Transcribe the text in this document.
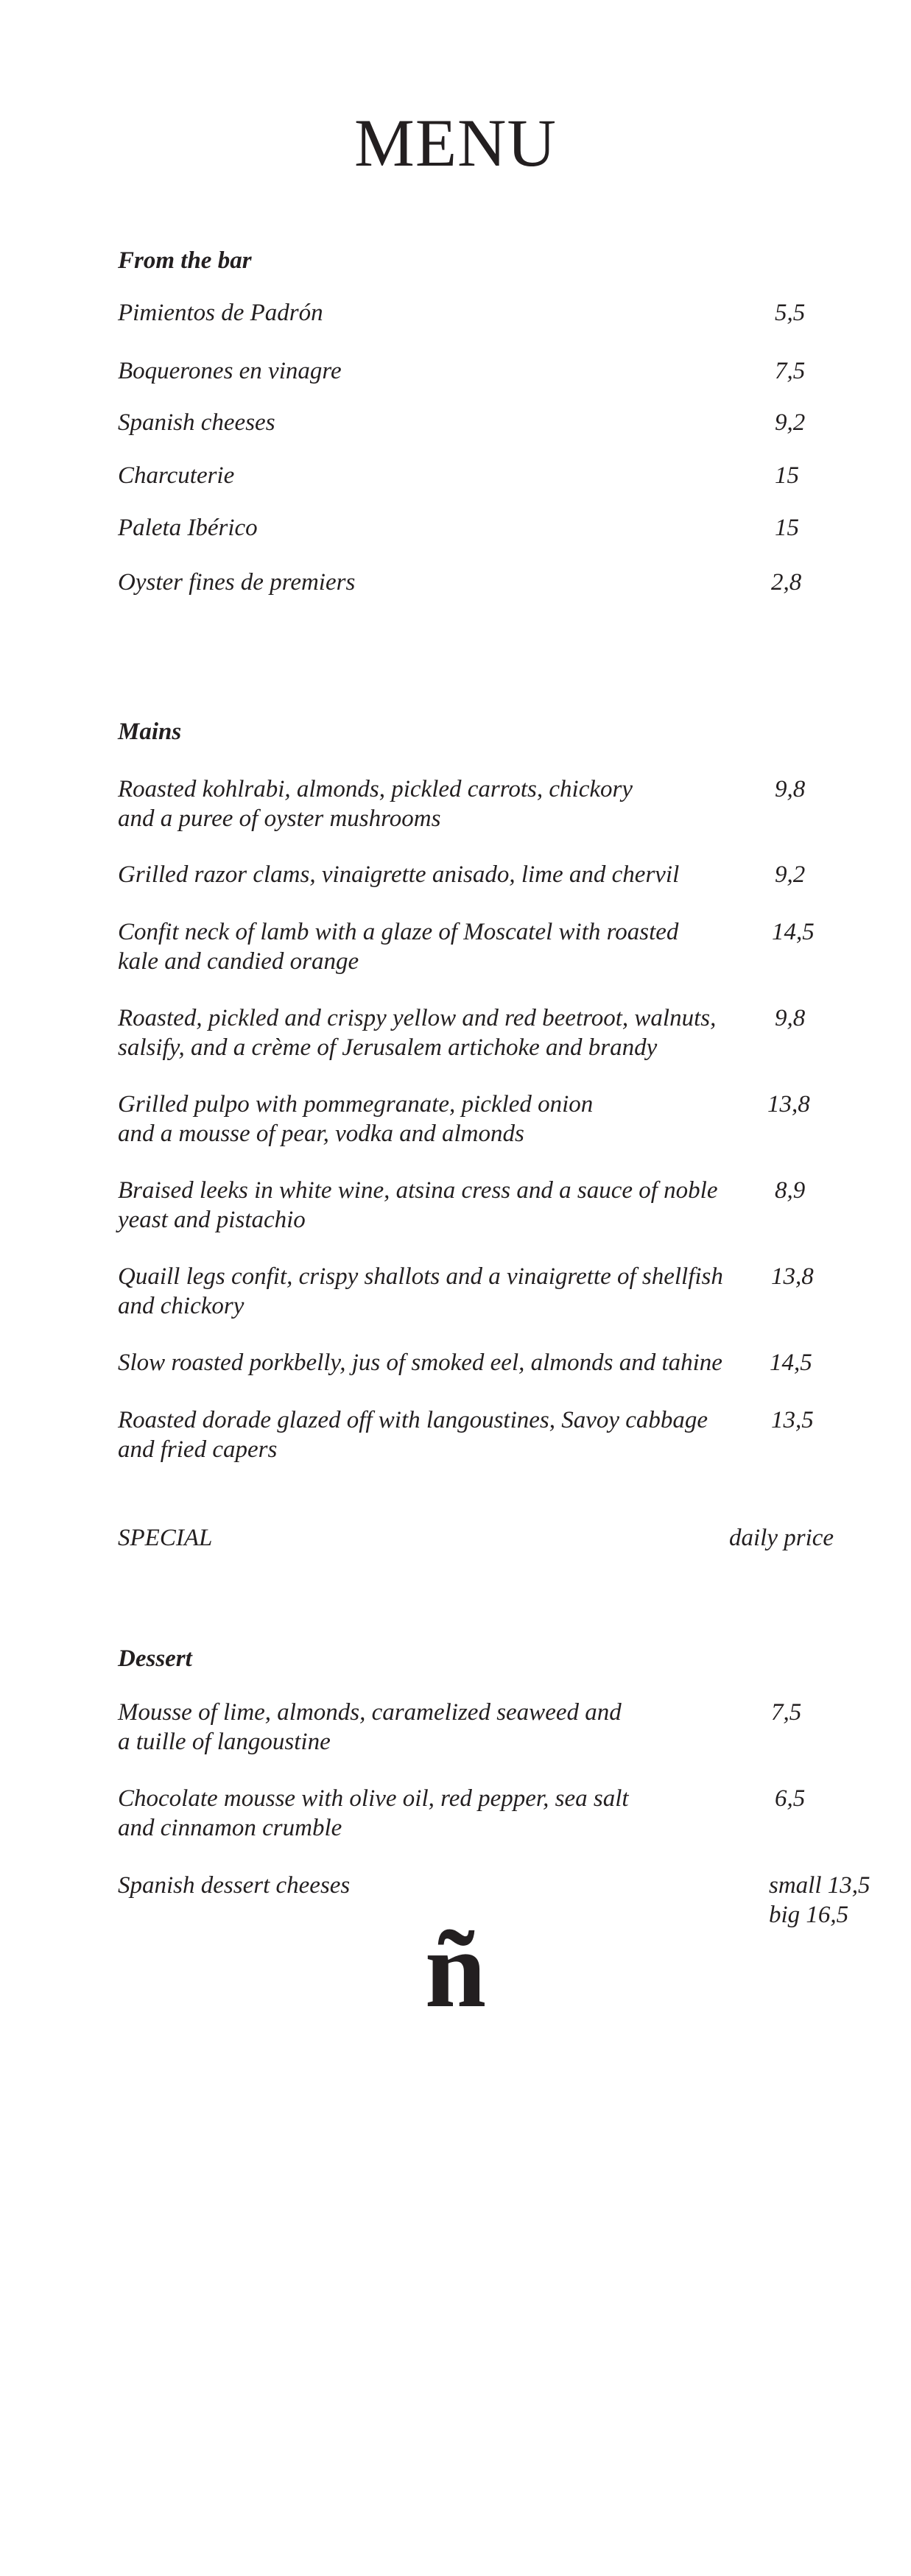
MENU
From the bar
Pimientos de Padrón	5,5
Boquerones en vinagre	7,5
Spanish cheeses	9,2
Charcuterie	15
Paleta Ibérico	15
Oyster fines de premiers	2,8
Mains
Roasted kohlrabi, almonds, pickled carrots, chickory
and a puree of oyster mushrooms
9,8
Grilled razor clams, vinaigrette anisado, lime and chervil	9,2
Confit neck of lamb with a glaze of Moscatel with roasted
kale and candied orange
14,5
Roasted, pickled and crispy yellow and red beetroot, walnuts,
salsify, and a crème of Jerusalem artichoke and brandy
9,8
Grilled pulpo with pommegranate, pickled onion
and a mousse of pear, vodka and almonds
13,8
Braised leeks in white wine, atsina cress and a sauce of noble
yeast and pistachio
8,9
Quaill legs confit, crispy shallots and a vinaigrette of shellfish
and chickory
13,8
Slow roasted porkbelly, jus of smoked eel, almonds and tahine 14,5
Roasted dorade glazed off with langoustines, Savoy cabbage
and fried capers
13,5
SPECIAL	daily price
Dessert
Mousse of lime, almonds, caramelized seaweed and
a tuille of langoustine
7,5
Chocolate mousse with olive oil, red pepper, sea salt
and cinnamon crumble
6,5
Spanish dessert cheeses	small 13,5
big 16,5
ñ
